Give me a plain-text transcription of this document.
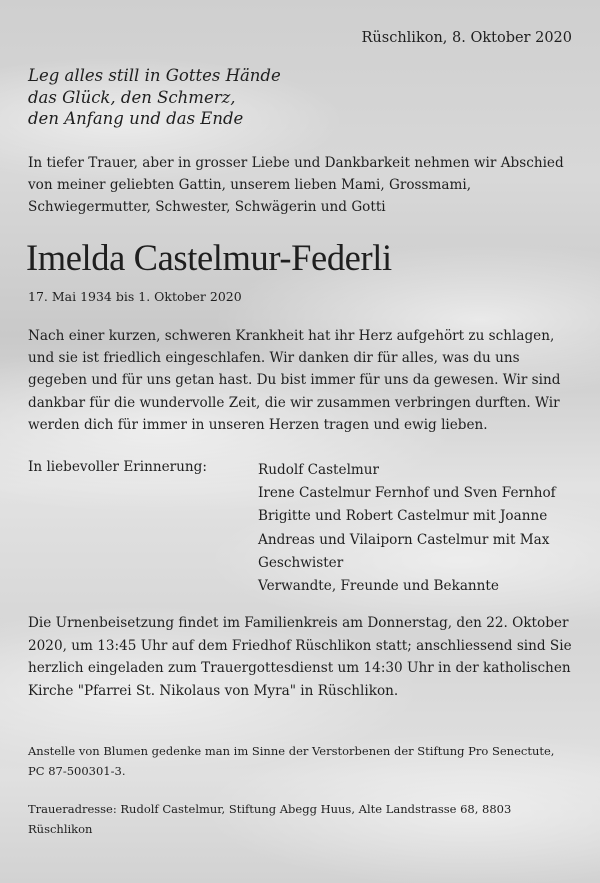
Rüschlikon, 8. Oktober 2020

Leg alles still in Gottes Hände
das Glück, den Schmerz,
den Anfang und das Ende

In tiefer Trauer, aber in grosser Liebe und Dankbarkeit nehmen wir Abschied von meiner geliebten Gattin, unserem lieben Mami, Grossmami, Schwiegermutter, Schwester, Schwägerin und Gotti

Imelda Castelmur-Federli

17. Mai 1934 bis 1. Oktober 2020

Nach einer kurzen, schweren Krankheit hat ihr Herz aufgehört zu schlagen, und sie ist friedlich eingeschlafen. Wir danken dir für alles, was du uns gegeben und für uns getan hast. Du bist immer für uns da gewesen. Wir sind dankbar für die wundervolle Zeit, die wir zusammen verbringen durften. Wir werden dich für immer in unseren Herzen tragen und ewig lieben.

In liebevoller Erinnerung:	Rudolf Castelmur
Irene Castelmur Fernhof und Sven Fernhof
Brigitte und Robert Castelmur mit Joanne
Andreas und Vilaiporn Castelmur mit Max
Geschwister
Verwandte, Freunde und Bekannte

Die Urnenbeisetzung findet im Familienkreis am Donnerstag, den 22. Oktober 2020, um 13:45 Uhr auf dem Friedhof Rüschlikon statt; anschliessend sind Sie herzlich eingeladen zum Trauergottesdienst um 14:30 Uhr in der katholischen Kirche "Pfarrei St. Nikolaus von Myra" in Rüschlikon.

Anstelle von Blumen gedenke man im Sinne der Verstorbenen der Stiftung Pro Senectute, PC 87-500301-3.

Traueradresse: Rudolf Castelmur, Stiftung Abegg Huus, Alte Landstrasse 68, 8803 Rüschlikon
